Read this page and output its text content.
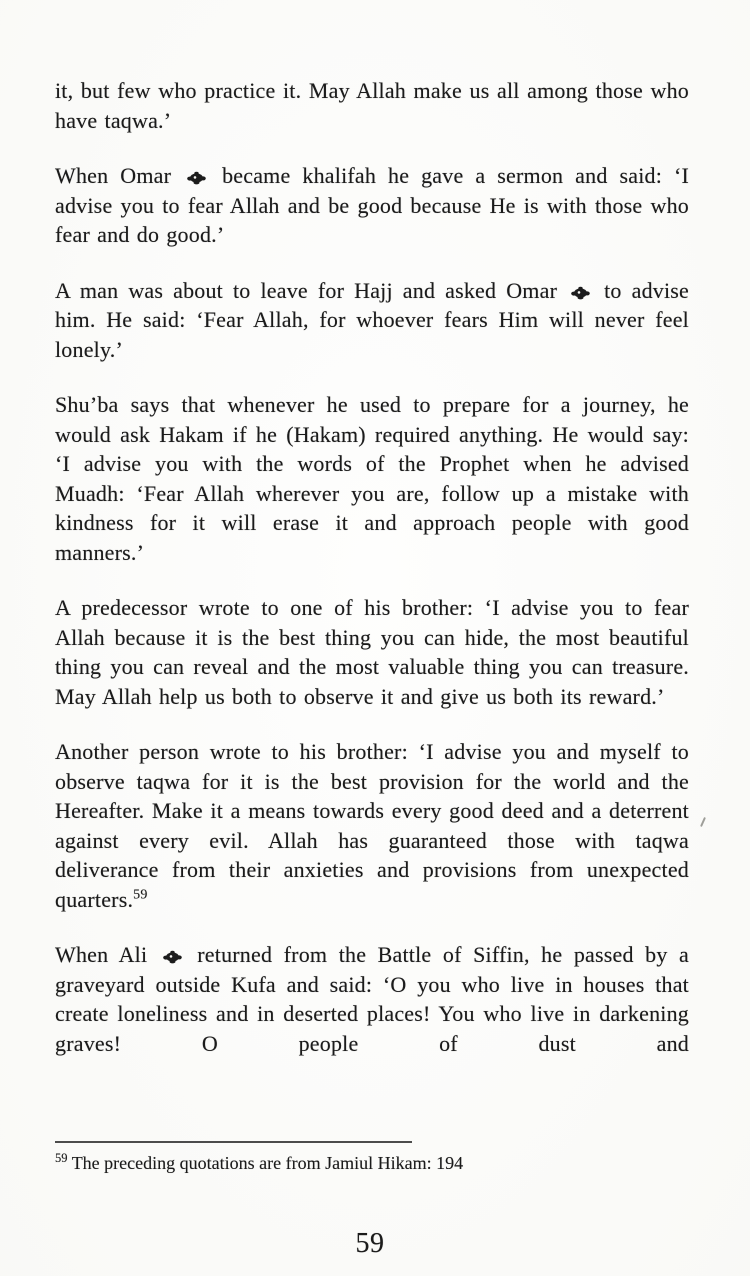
it, but few who practice it. May Allah make us all among those who have taqwa.’

When Omar became khalifah he gave a sermon and said: ‘I advise you to fear Allah and be good because He is with those who fear and do good.’

A man was about to leave for Hajj and asked Omar to advise him. He said: ‘Fear Allah, for whoever fears Him will never feel lonely.’

Shu’ba says that whenever he used to prepare for a journey, he would ask Hakam if he (Hakam) required anything. He would say: ‘I advise you with the words of the Prophet when he advised Muadh: ‘Fear Allah wherever you are, follow up a mistake with kindness for it will erase it and approach people with good manners.’

A predecessor wrote to one of his brother: ‘I advise you to fear Allah because it is the best thing you can hide, the most beautiful thing you can reveal and the most valuable thing you can treasure. May Allah help us both to observe it and give us both its reward.’

Another person wrote to his brother: ‘I advise you and myself to observe taqwa for it is the best provision for the world and the Hereafter. Make it a means towards every good deed and a deterrent against every evil. Allah has guaranteed those with taqwa deliverance from their anxieties and provisions from unexpected quarters.$^{59}$

When Ali returned from the Battle of Siffin, he passed by a graveyard outside Kufa and said: ‘O you who live in houses that create loneliness and in deserted places! You who live in darkening graves! O people of dust and

$^{59}$ The preceding quotations are from Jamiul Hikam: 194

59
